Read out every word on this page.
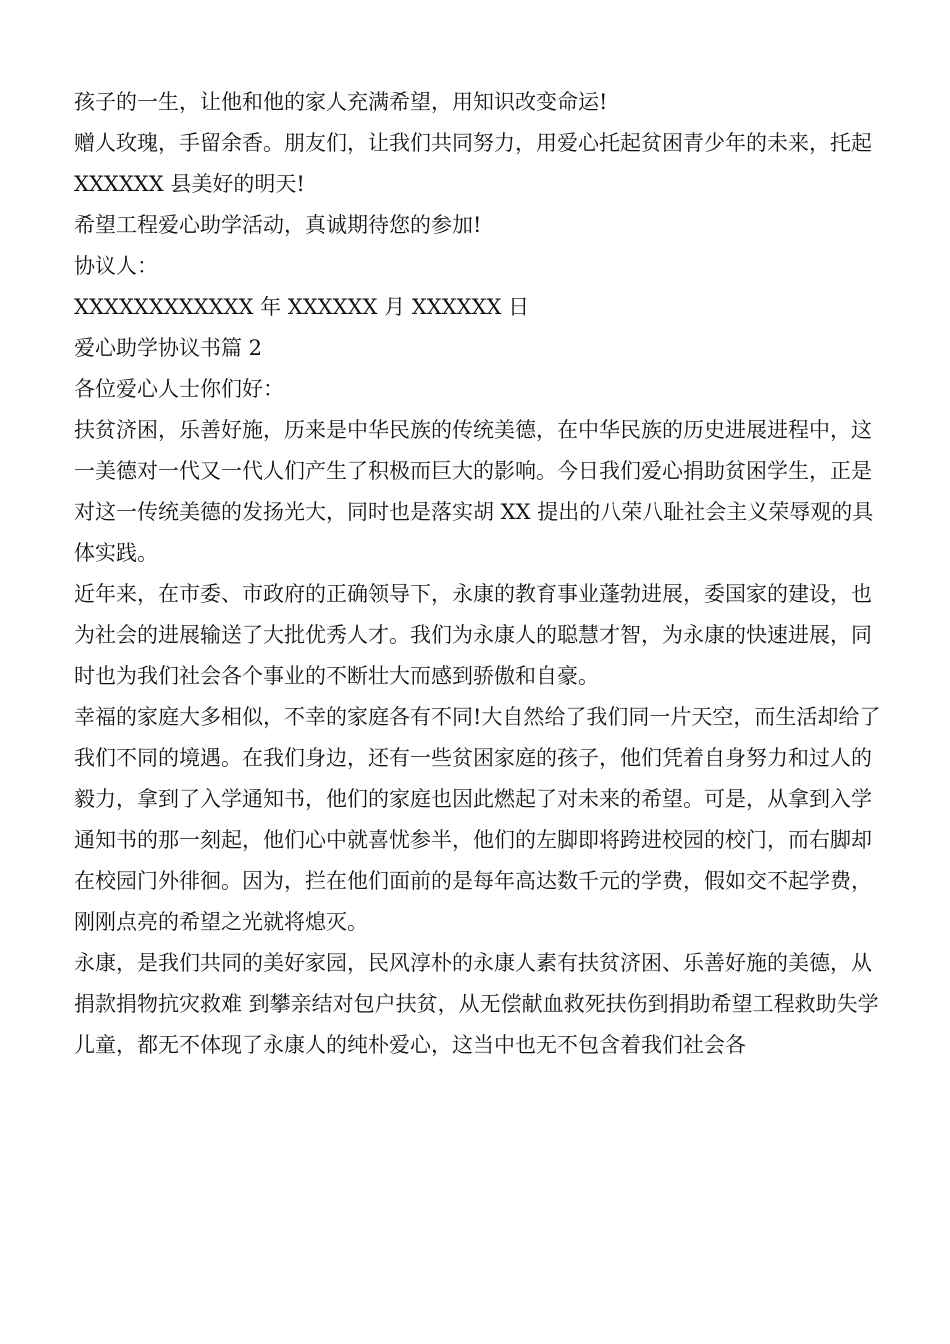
孩子的一生，让他和他的家人充满希望，用知识改变命运!

赠人玫瑰，手留余香。朋友们，让我们共同努力，用爱心托起贫困青少年的未来，托起 XXXXXX 县美好的明天!

希望工程爱心助学活动，真诚期待您的参加!

协议人：

XXXXXXXXXXXX 年 XXXXXX 月 XXXXXX 日

爱心助学协议书篇 2

各位爱心人士你们好：

扶贫济困，乐善好施，历来是中华民族的传统美德，在中华民族的历史进展进程中，这一美德对一代又一代人们产生了积极而巨大的影响。今日我们爱心捐助贫困学生，正是对这一传统美德的发扬光大，同时也是落实胡 XX 提出的八荣八耻社会主义荣辱观的具体实践。

近年来，在市委、市政府的正确领导下，永康的教育事业蓬勃进展，委国家的建设，也为社会的进展输送了大批优秀人才。我们为永康人的聪慧才智，为永康的快速进展，同时也为我们社会各个事业的不断壮大而感到骄傲和自豪。

幸福的家庭大多相似，不幸的家庭各有不同!大自然给了我们同一片天空，而生活却给了我们不同的境遇。在我们身边，还有一些贫困家庭的孩子，他们凭着自身努力和过人的毅力，拿到了入学通知书，他们的家庭也因此燃起了对未来的希望。可是，从拿到入学通知书的那一刻起，他们心中就喜忧参半，他们的左脚即将跨进校园的校门，而右脚却在校园门外徘徊。因为，拦在他们面前的是每年高达数千元的学费，假如交不起学费，刚刚点亮的希望之光就将熄灭。

永康，是我们共同的美好家园，民风淳朴的永康人素有扶贫济困、乐善好施的美德，从捐款捐物抗灾救难 到攀亲结对包户扶贫，从无偿献血救死扶伤到捐助希望工程救助失学儿童，都无不体现了永康人的纯朴爱心，这当中也无不包含着我们社会各
